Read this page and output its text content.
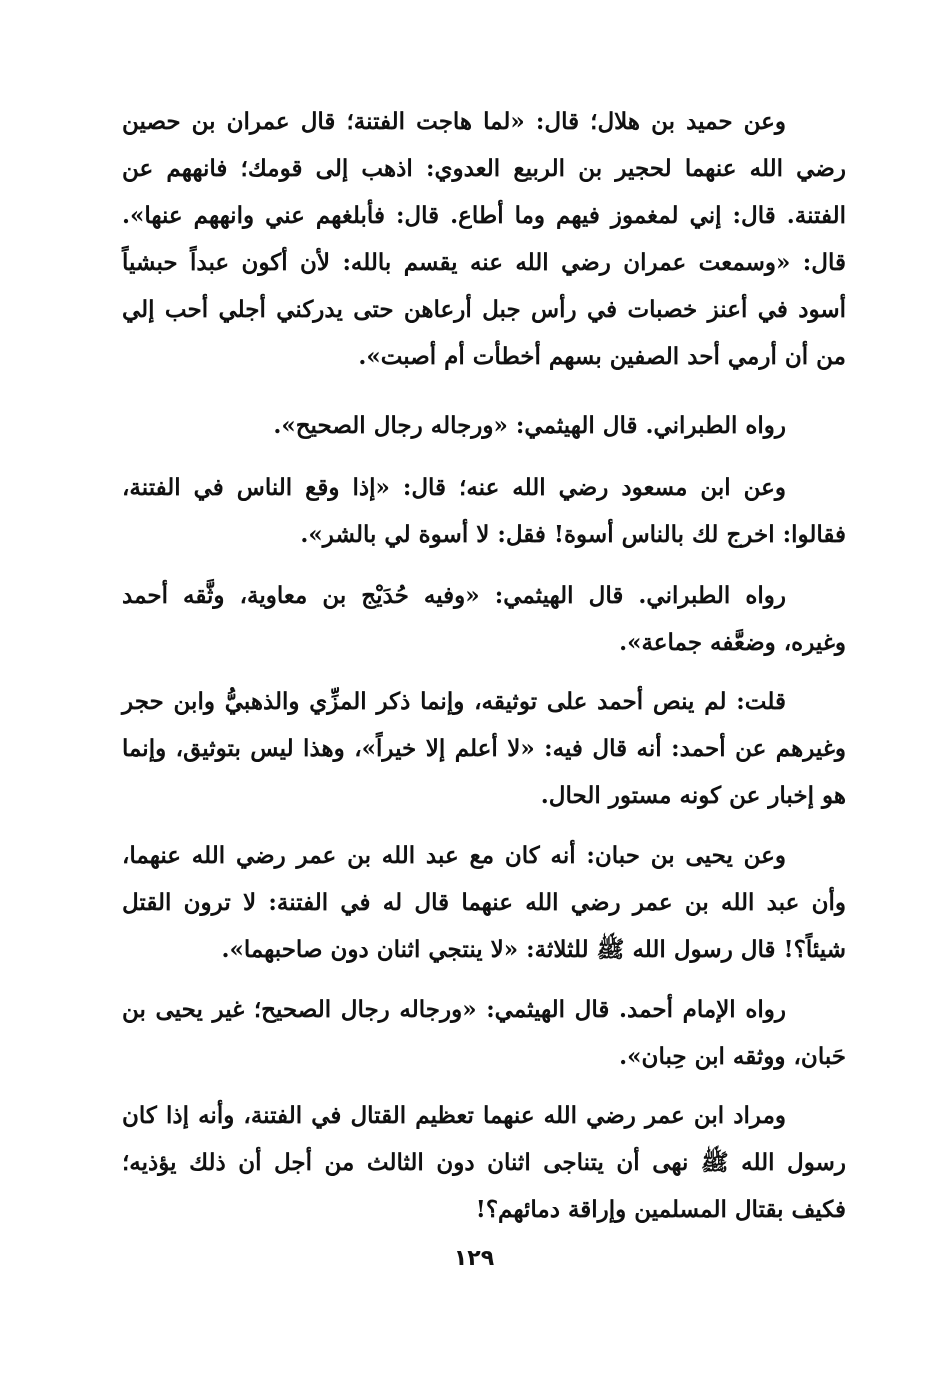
وعن حميد بن هلال؛ قال: «لما هاجت الفتنة؛ قال عمران بن حصين رضي الله عنهما لحجير بن الربيع العدوي: اذهب إلى قومك؛ فانههم عن الفتنة. قال: إني لمغموز فيهم وما أطاع. قال: فأبلغهم عني وانههم عنها». قال: «وسمعت عمران رضي الله عنه يقسم بالله: لأن أكون عبداً حبشياً أسود في أعنز خصبات في رأس جبل أرعاهن حتى يدركني أجلي أحب إلي من أن أرمي أحد الصفين بسهم أخطأت أم أصبت».

رواه الطبراني. قال الهيثمي: «ورجاله رجال الصحيح».

وعن ابن مسعود رضي الله عنه؛ قال: «إذا وقع الناس في الفتنة، فقالوا: اخرج لك بالناس أسوة! فقل: لا أسوة لي بالشر».

رواه الطبراني. قال الهيثمي: «وفيه حُدَيْج بن معاوية، وثَّقه أحمد وغيره، وضعَّفه جماعة».

قلت: لم ينص أحمد على توثيقه، وإنما ذكر المزِّي والذهبيُّ وابن حجر وغيرهم عن أحمد: أنه قال فيه: «لا أعلم إلا خيراً»، وهذا ليس بتوثيق، وإنما هو إخبار عن كونه مستور الحال.

وعن يحيى بن حبان: أنه كان مع عبد الله بن عمر رضي الله عنهما، وأن عبد الله بن عمر رضي الله عنهما قال له في الفتنة: لا ترون القتل شيئاً؟! قال رسول الله ﷺ للثلاثة: «لا ينتجي اثنان دون صاحبهما».

رواه الإمام أحمد. قال الهيثمي: «ورجاله رجال الصحيح؛ غير يحيى بن حَبان، ووثقه ابن حِبان».

ومراد ابن عمر رضي الله عنهما تعظيم القتال في الفتنة، وأنه إذا كان رسول الله ﷺ نهى أن يتناجى اثنان دون الثالث من أجل أن ذلك يؤذيه؛ فكيف بقتال المسلمين وإراقة دمائهم؟!

١٢٩
